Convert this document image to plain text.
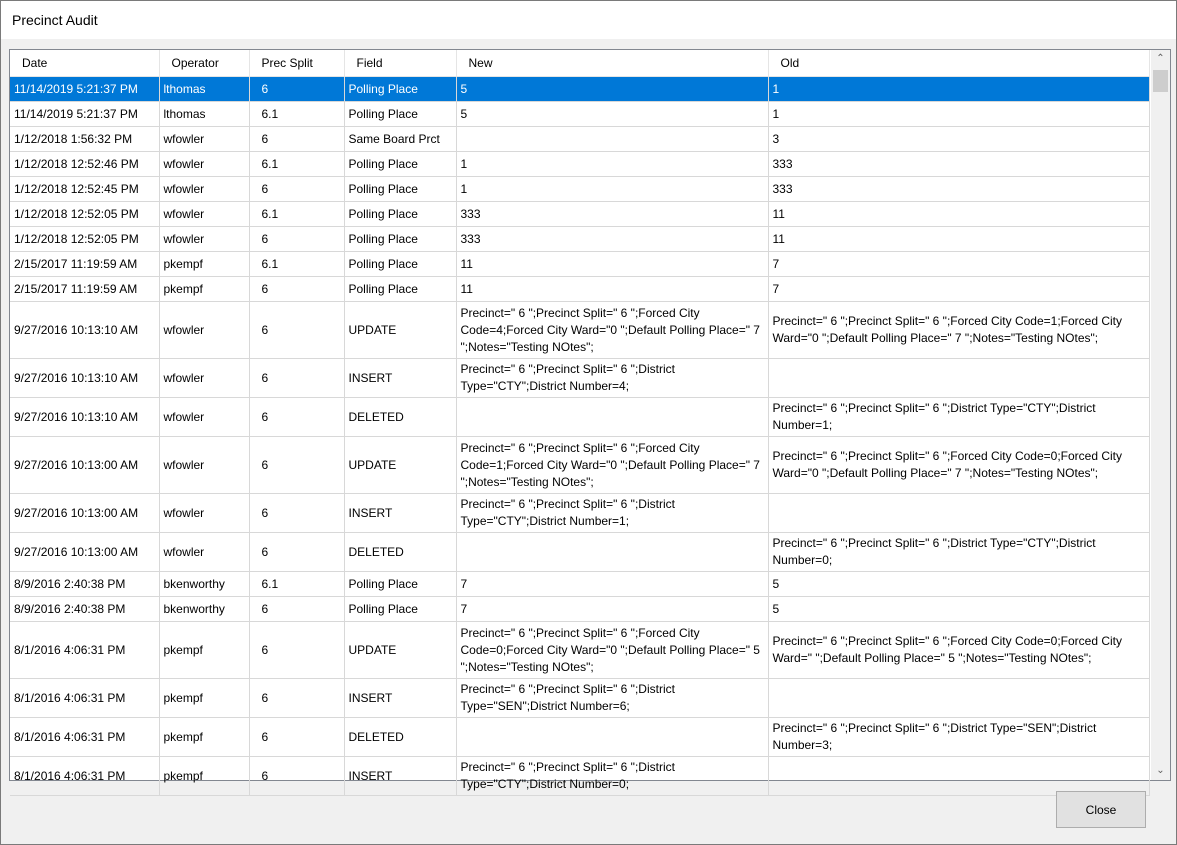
Precinct Audit
Date	Operator	Prec Split	Field	New	Old
11/14/2019 5:21:37 PM	lthomas	6	Polling Place	5	1
11/14/2019 5:21:37 PM	lthomas	6.1	Polling Place	5	1
1/12/2018 1:56:32 PM	wfowler	6	Same Board Prct		3
1/12/2018 12:52:46 PM	wfowler	6.1	Polling Place	1	333
1/12/2018 12:52:45 PM	wfowler	6	Polling Place	1	333
1/12/2018 12:52:05 PM	wfowler	6.1	Polling Place	333	11
1/12/2018 12:52:05 PM	wfowler	6	Polling Place	333	11
2/15/2017 11:19:59 AM	pkempf	6.1	Polling Place	11	7
2/15/2017 11:19:59 AM	pkempf	6	Polling Place	11	7
9/27/2016 10:13:10 AM	wfowler	6	UPDATE	Precinct=" 6 ";Precinct Split=" 6 ";Forced City Code=4;Forced City Ward="0 ";Default Polling Place=" 7 ";Notes="Testing NOtes";	Precinct=" 6 ";Precinct Split=" 6 ";Forced City Code=1;Forced City Ward="0 ";Default Polling Place=" 7 ";Notes="Testing NOtes";
9/27/2016 10:13:10 AM	wfowler	6	INSERT	Precinct=" 6 ";Precinct Split=" 6 ";District Type="CTY";District Number=4;	
9/27/2016 10:13:10 AM	wfowler	6	DELETED		Precinct=" 6 ";Precinct Split=" 6 ";District Type="CTY";District Number=1;
9/27/2016 10:13:00 AM	wfowler	6	UPDATE	Precinct=" 6 ";Precinct Split=" 6 ";Forced City Code=1;Forced City Ward="0 ";Default Polling Place=" 7 ";Notes="Testing NOtes";	Precinct=" 6 ";Precinct Split=" 6 ";Forced City Code=0;Forced City Ward="0 ";Default Polling Place=" 7 ";Notes="Testing NOtes";
9/27/2016 10:13:00 AM	wfowler	6	INSERT	Precinct=" 6 ";Precinct Split=" 6 ";District Type="CTY";District Number=1;	
9/27/2016 10:13:00 AM	wfowler	6	DELETED		Precinct=" 6 ";Precinct Split=" 6 ";District Type="CTY";District Number=0;
8/9/2016 2:40:38 PM	bkenworthy	6.1	Polling Place	7	5
8/9/2016 2:40:38 PM	bkenworthy	6	Polling Place	7	5
8/1/2016 4:06:31 PM	pkempf	6	UPDATE	Precinct=" 6 ";Precinct Split=" 6 ";Forced City Code=0;Forced City Ward="0 ";Default Polling Place=" 5 ";Notes="Testing NOtes";	Precinct=" 6 ";Precinct Split=" 6 ";Forced City Code=0;Forced City Ward=" ";Default Polling Place=" 5 ";Notes="Testing NOtes";
8/1/2016 4:06:31 PM	pkempf	6	INSERT	Precinct=" 6 ";Precinct Split=" 6 ";District Type="SEN";District Number=6;	
8/1/2016 4:06:31 PM	pkempf	6	DELETED		Precinct=" 6 ";Precinct Split=" 6 ";District Type="SEN";District Number=3;
8/1/2016 4:06:31 PM	pkempf	6	INSERT	Precinct=" 6 ";Precinct Split=" 6 ";District Type="CTY";District Number=0;	
⌃
⌄
Close
